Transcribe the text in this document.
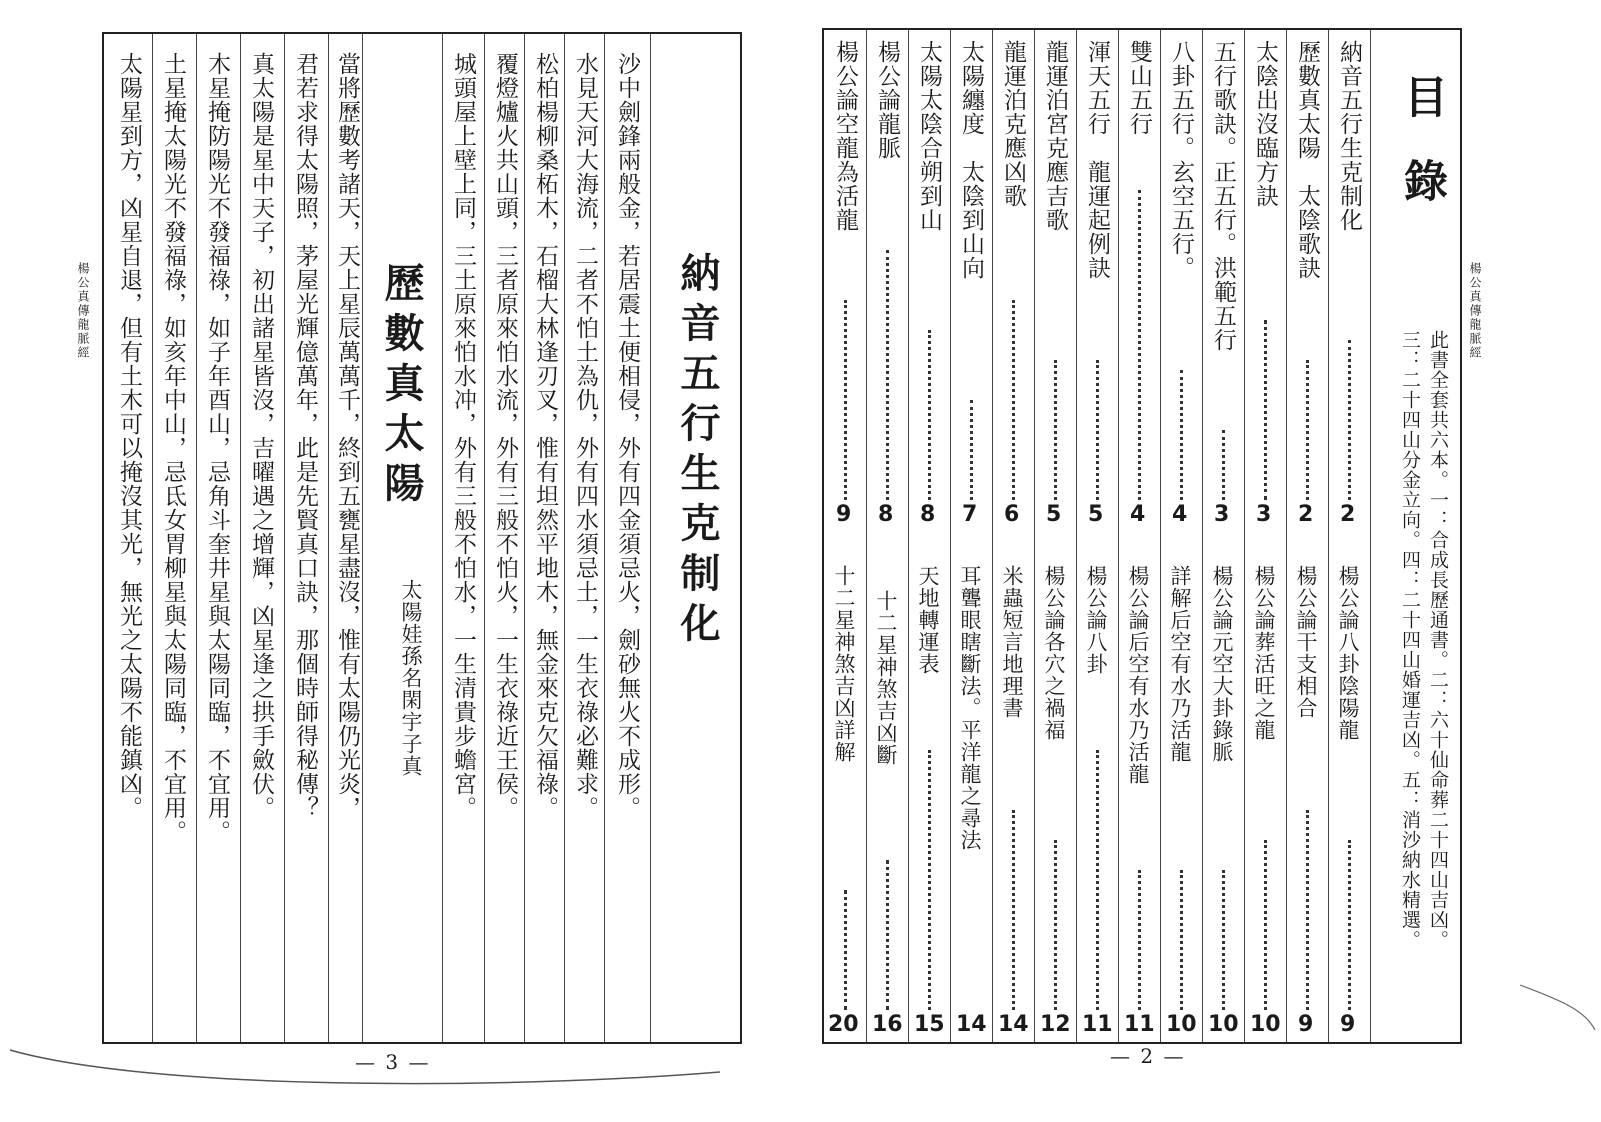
楊公真傳龍脈經	納音五行生克制化
沙中劍鋒兩般金，若居震土便相侵，外有四金須忌火，劍砂無火不成形。
水見天河大海流，二者不怕土為仇，外有四水須忌土，一生衣祿必難求。
松柏楊柳桑柘木，石榴大林逢刃叉，惟有坦然平地木，無金來克欠福祿。
覆燈爐火共山頭，三者原來怕水流，外有三般不怕火，一生衣祿近王侯。
城頭屋上壁上同，三土原來怕水冲，外有三般不怕水，一生清貴步蟾宮。
歷數真太陽
太陽娃孫名閑宇子真
當將歷數考諸天，天上星辰萬萬千，終到五甕星盡沒，惟有太陽仍光炎，
君若求得太陽照，茅屋光輝億萬年，此是先賢真口訣，那個時師得秘傳？
真太陽是星中天子，初出諸星皆沒，吉曜遇之增輝，凶星逢之拱手斂伏。
木星掩防陽光不發福祿，如子年酉山，忌角斗奎井星與太陽同臨，不宜用。
土星掩太陽光不發福祿，如亥年中山，忌氐女胃柳星與太陽同臨，不宜用。
太陽星到方，凶星自退，但有土木可以掩沒其光，無光之太陽不能鎮凶。
— 3 —
楊公真傳龍脈經
目錄
此書全套共六本。一：合成長歷通書。二：六十仙命葬二十四山吉凶。
三：二十四山分金立向。四：二十四山婚運吉凶。五：消沙納水精選。
納音五行生克制化
2
楊公論八卦陰陽龍
9
歷數真太陽　太陰歌訣
2
楊公論干支相合
9
太陰出沒臨方訣
3
楊公論葬活旺之龍
10
五行歌訣。正五行。洪範五行
3
楊公論元空大卦錄脈
10
八卦五行。玄空五行。
4
詳解后空有水乃活龍
10
雙山五行
4
楊公論后空有水乃活龍
11
渾天五行　龍運起例訣
5
楊公論八卦
11
龍運泊宮克應吉歌
5
楊公論各穴之禍福
12
龍運泊克應凶歌
6
米蟲短言地理書
14
太陽纏度　太陰到山向
7
耳聾眼瞎斷法。平洋龍之尋法
14
太陽太陰合朔到山
8
天地轉運表
15
楊公論龍脈
8
十二星神煞吉凶斷
16
楊公論空龍為活龍
9
十二星神煞吉凶詳解
20
— 2 —
